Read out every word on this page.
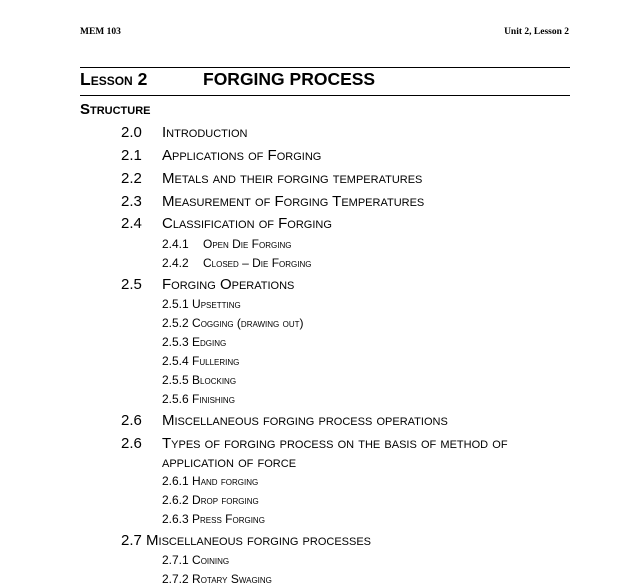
MEM 103	Unit 2, Lesson 2
Lesson 2	FORGING PROCESS
Structure
2.0 Introduction
2.1 Applications of Forging
2.2 Metals and their forging temperatures
2.3 Measurement of Forging Temperatures
2.4 Classification of Forging
2.4.1 Open Die Forging
2.4.2 Closed – Die Forging
2.5 Forging Operations
2.5.1 Upsetting
2.5.2 Cogging (drawing out)
2.5.3 Edging
2.5.4 Fullering
2.5.5 Blocking
2.5.6 Finishing
2.6 Miscellaneous forging process operations
2.6 Types of forging process on the basis of method of application of force
2.6.1 Hand forging
2.6.2 Drop forging
2.6.3 Press Forging
2.7 Miscellaneous forging processes
2.7.1 Coining
2.7.2 Rotary Swaging
